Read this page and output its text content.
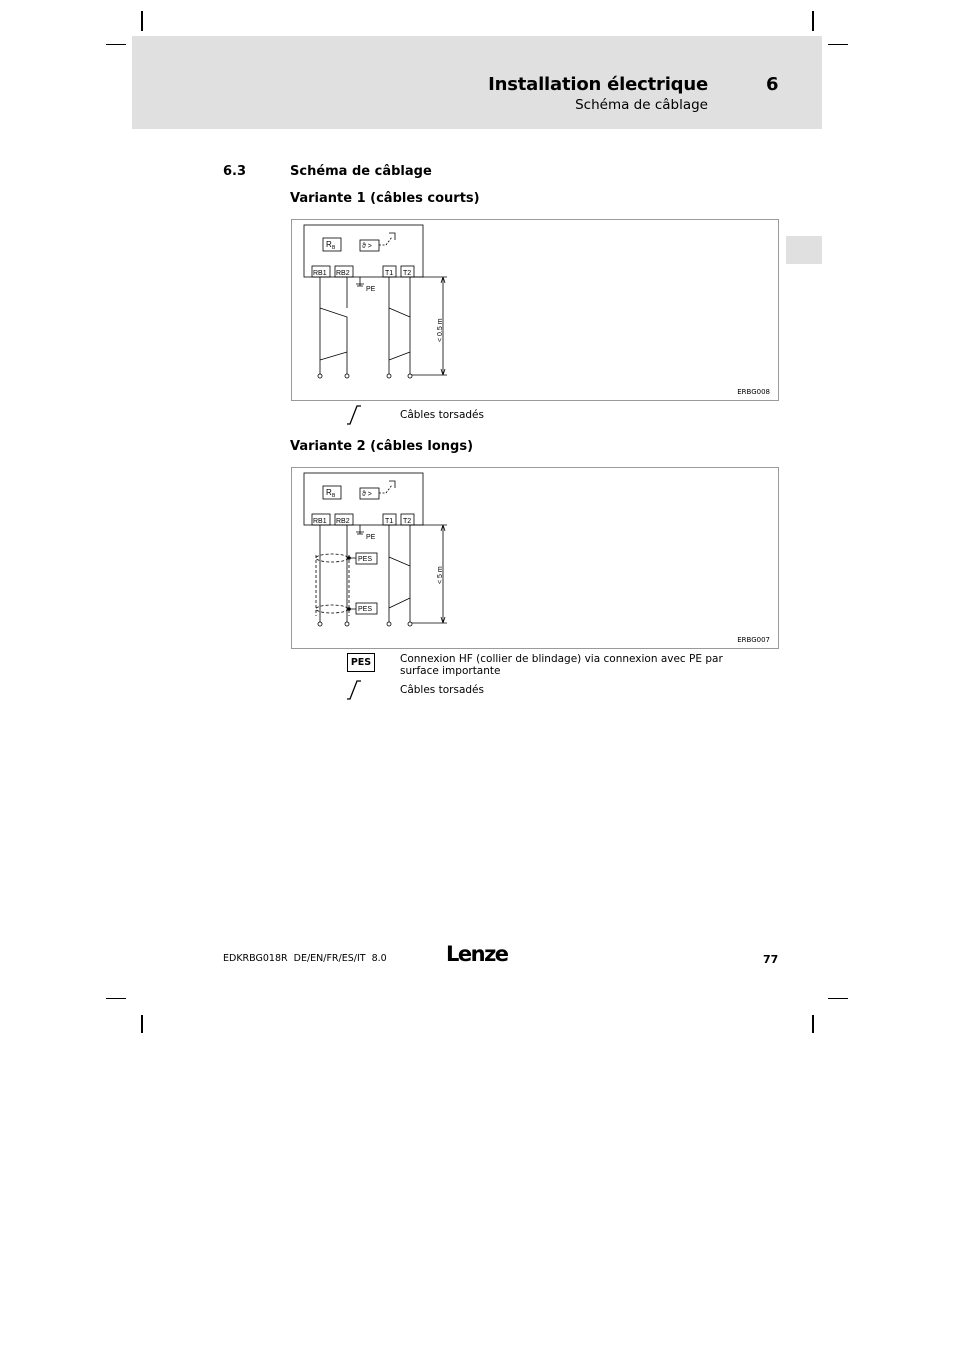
Installation électrique	6
Schéma de câblage
6.3	Schéma de câblage
Variante 1 (câbles courts)
R B	ϑ >
RB1 RB2	T1 T2
PE
< 0.5 m
ERBG008
Câbles torsadés
Variante 2 (câbles longs)
R B	ϑ >
RB1 RB2	T1 T2
PE
PES
PES
< 5 m
ERBG007
PES	Connexion HF (collier de blindage) via connexion avec PE par surface importante
Câbles torsadés
EDKRBG018R  DE/EN/FR/ES/IT  8.0	Lenze	77
